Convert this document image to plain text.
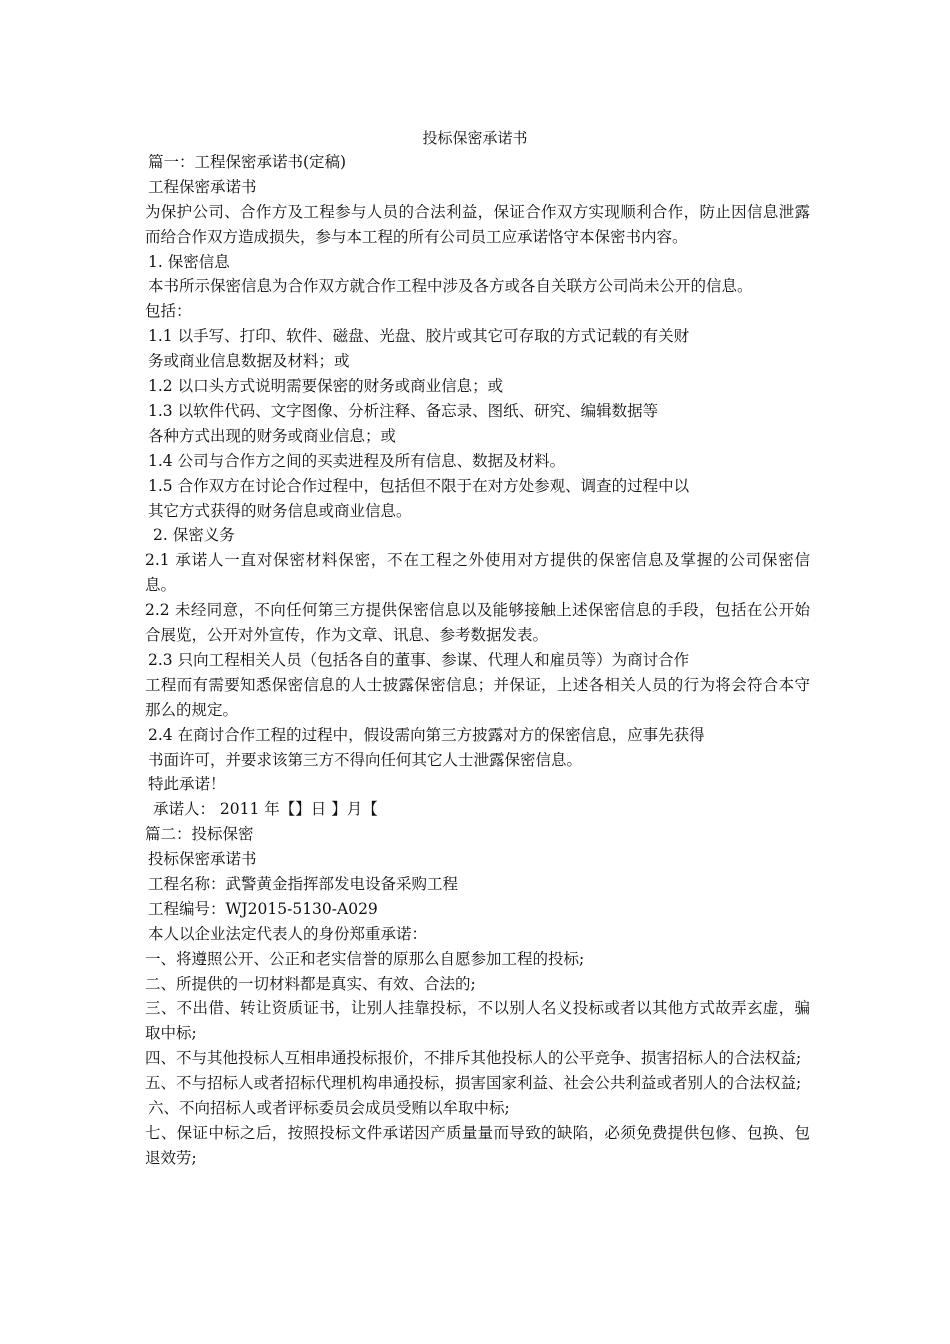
投标保密承诺书
篇一：工程保密承诺书(定稿)
工程保密承诺书
为保护公司、合作方及工程参与人员的合法利益，保证合作双方实现顺利合作，防止因信息泄露而给合作双方造成损失，参与本工程的所有公司员工应承诺恪守本保密书内容。
1. 保密信息
本书所示保密信息为合作双方就合作工程中涉及各方或各自关联方公司尚未公开的信息。
包括：
1.1 以手写、打印、软件、磁盘、光盘、胶片或其它可存取的方式记载的有关财
务或商业信息数据及材料；或
1.2 以口头方式说明需要保密的财务或商业信息；或
1.3 以软件代码、文字图像、分析注释、备忘录、图纸、研究、编辑数据等
各种方式出现的财务或商业信息；或
1.4 公司与合作方之间的买卖进程及所有信息、数据及材料。
1.5 合作双方在讨论合作过程中，包括但不限于在对方处参观、调查的过程中以
其它方式获得的财务信息或商业信息。
2. 保密义务
2.1 承诺人一直对保密材料保密，不在工程之外使用对方提供的保密信息及掌握的公司保密信息。
2.2 未经同意，不向任何第三方提供保密信息以及能够接触上述保密信息的手段，包括在公开始合展览，公开对外宣传，作为文章、讯息、参考数据发表。
2.3 只向工程相关人员（包括各自的董事、参谋、代理人和雇员等）为商讨合作
工程而有需要知悉保密信息的人士披露保密信息；并保证，上述各相关人员的行为将会符合本守那么的规定。
2.4 在商讨合作工程的过程中，假设需向第三方披露对方的保密信息，应事先获得
书面许可，并要求该第三方不得向任何其它人士泄露保密信息。
特此承诺！
承诺人： 2011 年【】日 】月【
篇二：投标保密
投标保密承诺书
工程名称：武警黄金指挥部发电设备采购工程
工程编号：WJ2015-5130-A029
本人以企业法定代表人的身份郑重承诺：
一、将遵照公开、公正和老实信誉的原那么自愿参加工程的投标;
二、所提供的一切材料都是真实、有效、合法的;
三、不出借、转让资质证书，让别人挂靠投标，不以别人名义投标或者以其他方式故弄玄虚，骗取中标;
四、不与其他投标人互相串通投标报价，不排斥其他投标人的公平竞争、损害招标人的合法权益;
五、不与招标人或者招标代理机构串通投标，损害国家利益、社会公共利益或者别人的合法权益;
六、不向招标人或者评标委员会成员受贿以牟取中标;
七、保证中标之后，按照投标文件承诺因产质量量而导致的缺陷，必须免费提供包修、包换、包退效劳;
